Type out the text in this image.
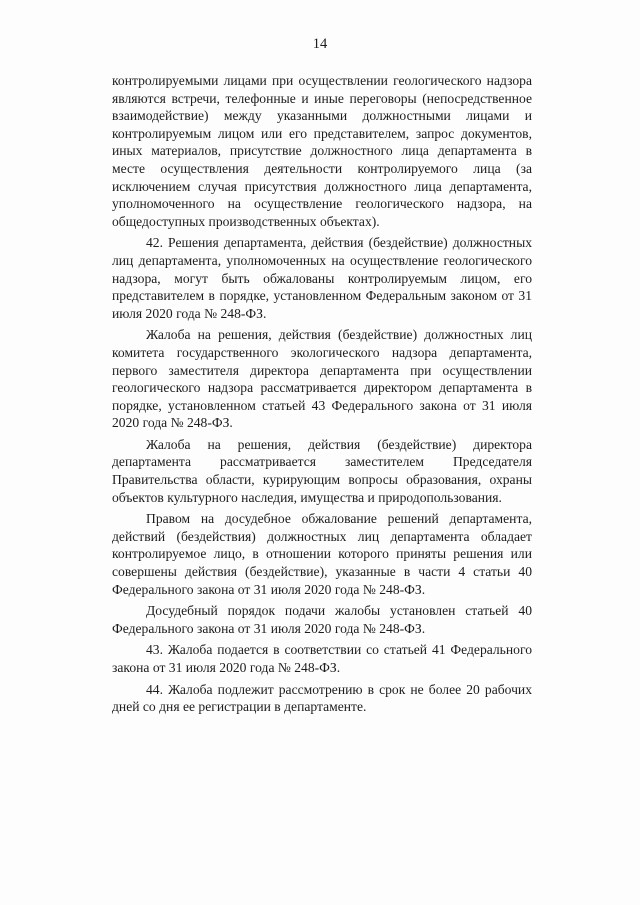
14

контролируемыми лицами при осуществлении геологического надзора являются встречи, телефонные и иные переговоры (непосредственное взаимодействие) между указанными должностными лицами и контролируемым лицом или его представителем, запрос документов, иных материалов, присутствие должностного лица департамента в месте осуществления деятельности контролируемого лица (за исключением случая присутствия должностного лица департамента, уполномоченного на осуществление геологического надзора, на общедоступных производственных объектах).

42. Решения департамента, действия (бездействие) должностных лиц департамента, уполномоченных на осуществление геологического надзора, могут быть обжалованы контролируемым лицом, его представителем в порядке, установленном Федеральным законом от 31 июля 2020 года № 248-ФЗ.

Жалоба на решения, действия (бездействие) должностных лиц комитета государственного экологического надзора департамента, первого заместителя директора департамента при осуществлении геологического надзора рассматривается директором департамента в порядке, установленном статьей 43 Федерального закона от 31 июля 2020 года № 248-ФЗ.

Жалоба на решения, действия (бездействие) директора департамента рассматривается заместителем Председателя Правительства области, курирующим вопросы образования, охраны объектов культурного наследия, имущества и природопользования.

Правом на досудебное обжалование решений департамента, действий (бездействия) должностных лиц департамента обладает контролируемое лицо, в отношении которого приняты решения или совершены действия (бездействие), указанные в части 4 статьи 40 Федерального закона от 31 июля 2020 года № 248-ФЗ.

Досудебный порядок подачи жалобы установлен статьей 40 Федерального закона от 31 июля 2020 года № 248-ФЗ.

43. Жалоба подается в соответствии со статьей 41 Федерального закона от 31 июля 2020 года № 248-ФЗ.

44. Жалоба подлежит рассмотрению в срок не более 20 рабочих дней со дня ее регистрации в департаменте.
